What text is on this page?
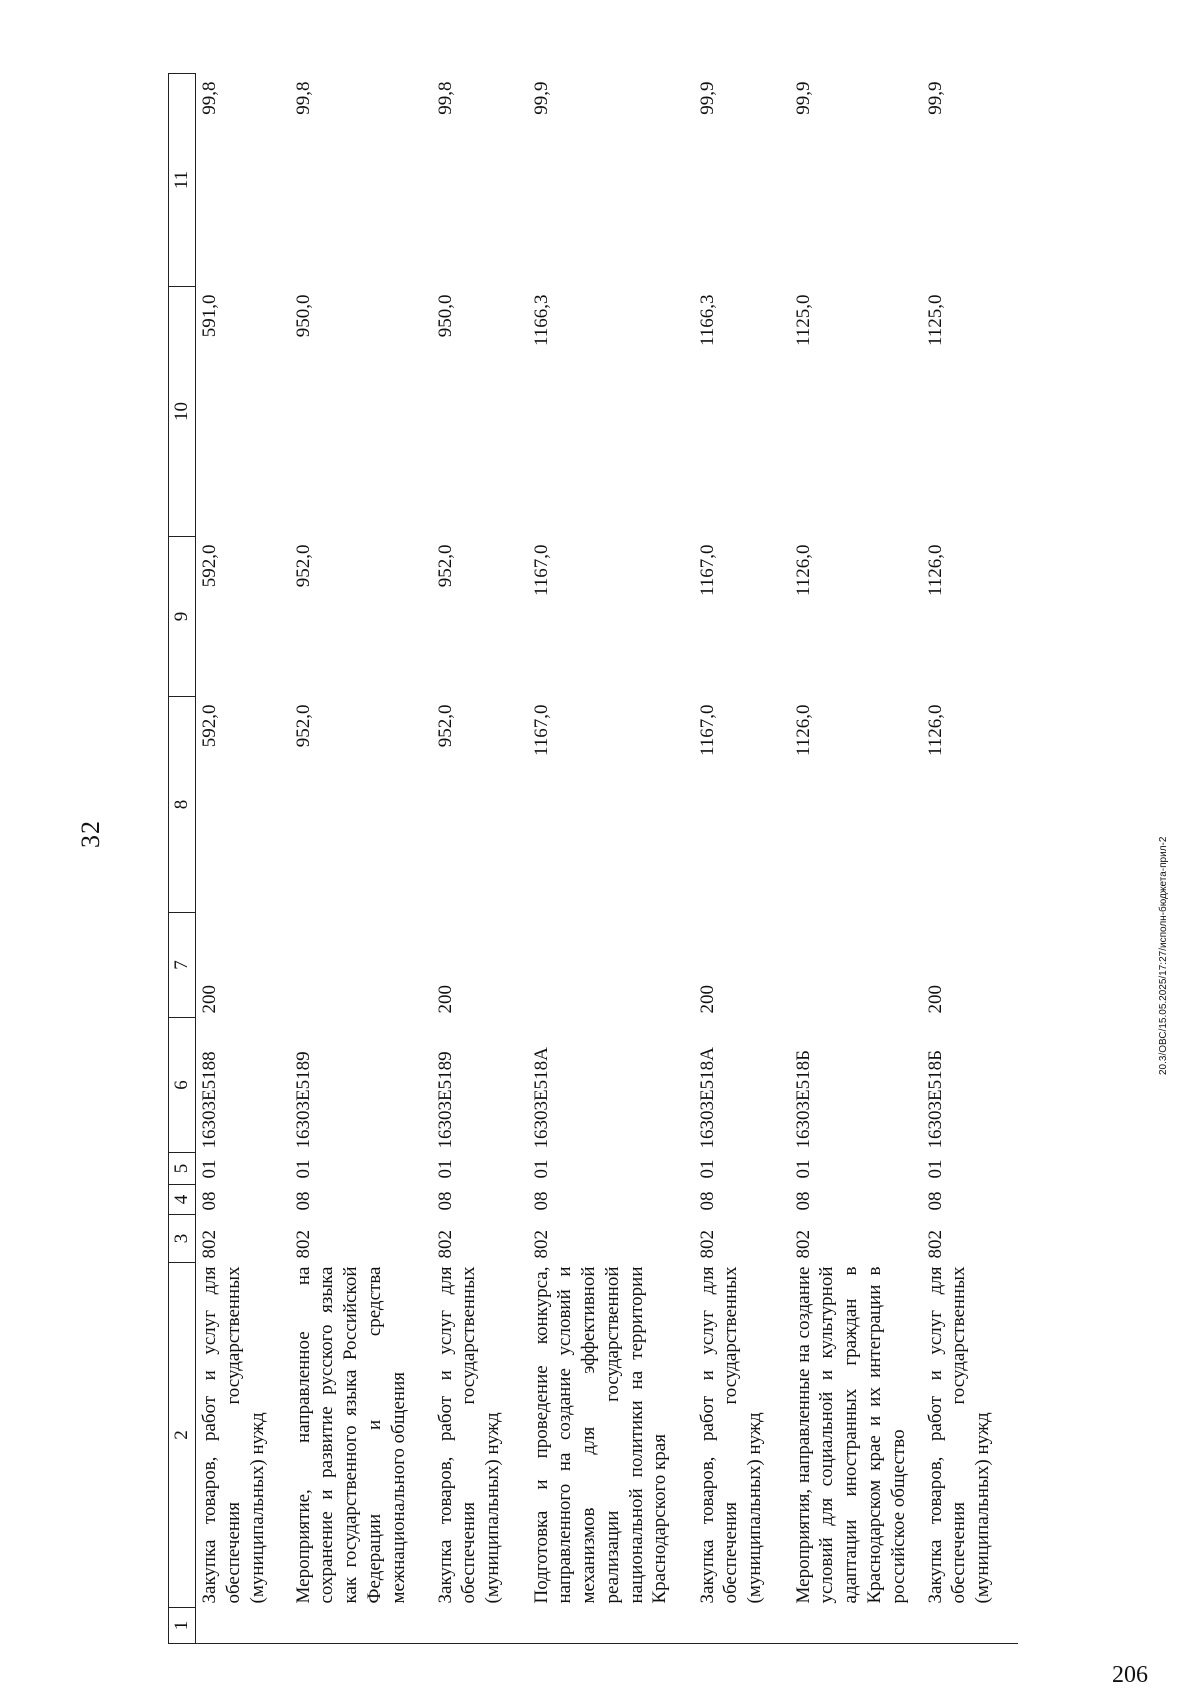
32
20.3/ОВС/15.05.2025/17:27/исполн-бюджета-прил-2
206
1	2	3	4	5	6	7	8	9	10	11
	Закупка товаров, работ и услуг для обеспечения государственных (муниципальных) нужд	802	08	01	16303E5188	200	592,0	592,0	591,0	99,8
	Мероприятие, направленное на сохранение и развитие русского языка как государственного языка Российской Федерации и средства межнационального общения	802	08	01	16303E5189		952,0	952,0	950,0	99,8
	Закупка товаров, работ и услуг для обеспечения государственных (муниципальных) нужд	802	08	01	16303E5189	200	952,0	952,0	950,0	99,8
	Подготовка и проведение конкурса, направленного на создание условий и механизмов для эффективной реализации государственной национальной политики на территории Краснодарского края	802	08	01	16303E518А		1167,0	1167,0	1166,3	99,9
	Закупка товаров, работ и услуг для обеспечения государственных (муниципальных) нужд	802	08	01	16303E518А	200	1167,0	1167,0	1166,3	99,9
	Мероприятия, направленные на создание условий для социальной и культурной адаптации иностранных граждан в Краснодарском крае и их интеграции в российское общество	802	08	01	16303E518Б		1126,0	1126,0	1125,0	99,9
	Закупка товаров, работ и услуг для обеспечения государственных (муниципальных) нужд	802	08	01	16303E518Б	200	1126,0	1126,0	1125,0	99,9
